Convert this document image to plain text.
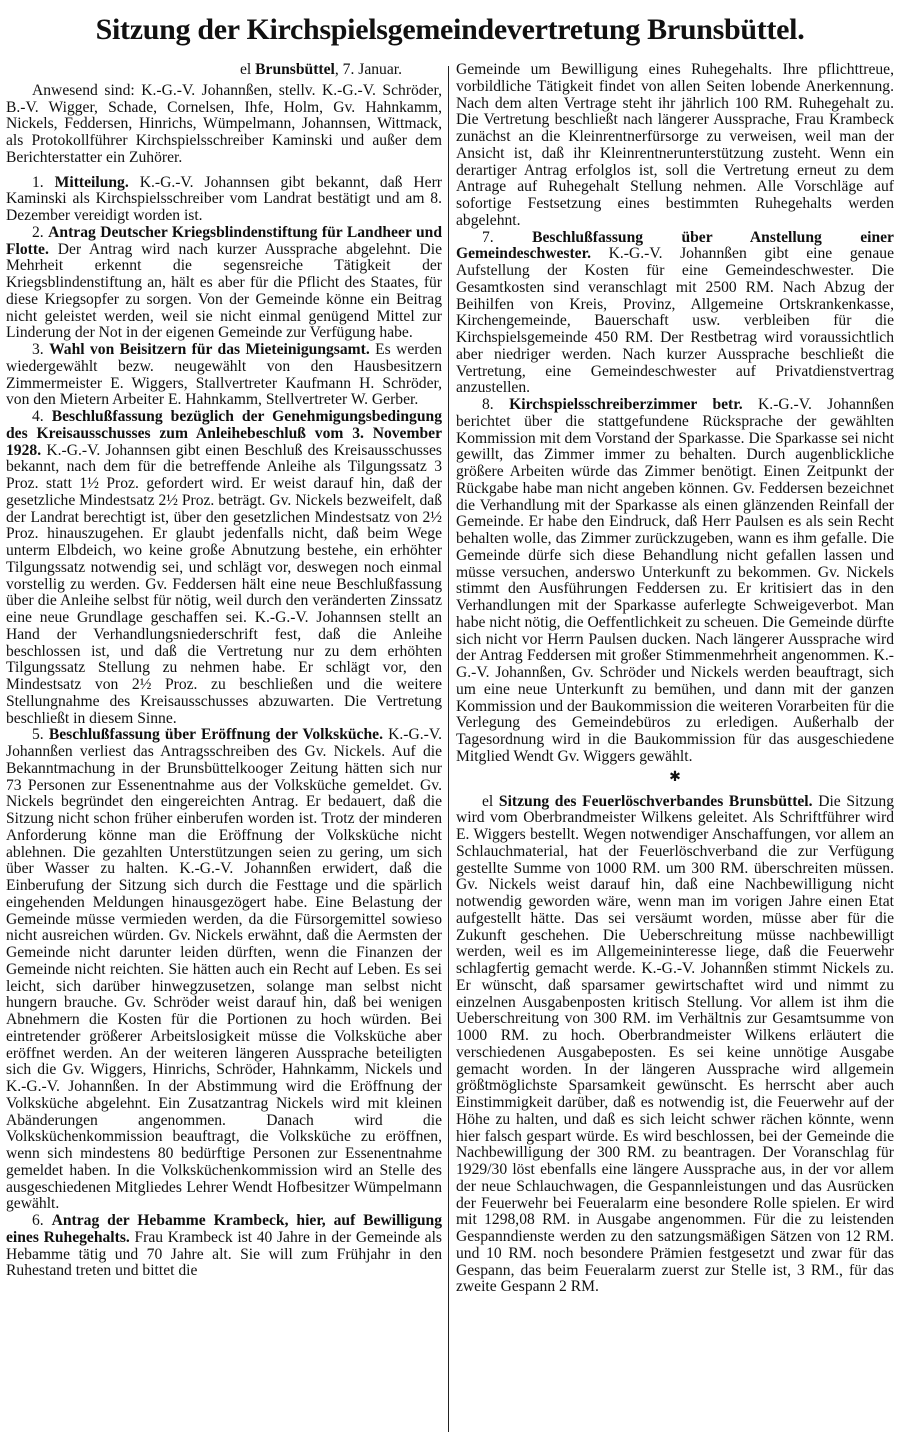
Sitzung der Kirchspielsgemeindevertretung Brunsbüttel.

el Brunsbüttel, 7. Januar.

Anwesend sind: K.-G.-V. Johannßen, stellv. K.-G.-V. Schröder, B.-V. Wigger, Schade, Cornelsen, Ihfe, Holm, Gv. Hahnkamm, Nickels, Feddersen, Hinrichs, Wümpelmann, Johannsen, Wittmack, als Protokollführer Kirchspielsschreiber Kaminski und außer dem Berichterstatter ein Zuhörer.

1. Mitteilung. K.-G.-V. Johannsen gibt bekannt, daß Herr Kaminski als Kirchspielsschreiber vom Landrat bestätigt und am 8. Dezember vereidigt worden ist.

2. Antrag Deutscher Kriegsblindenstiftung für Landheer und Flotte. Der Antrag wird nach kurzer Aussprache abgelehnt. Die Mehrheit erkennt die segensreiche Tätigkeit der Kriegsblindenstiftung an, hält es aber für die Pflicht des Staates, für diese Kriegsopfer zu sorgen. Von der Gemeinde könne ein Beitrag nicht geleistet werden, weil sie nicht einmal genügend Mittel zur Linderung der Not in der eigenen Gemeinde zur Verfügung habe.

3. Wahl von Beisitzern für das Mieteinigungsamt. Es werden wiedergewählt bezw. neugewählt von den Hausbesitzern Zimmermeister E. Wiggers, Stallvertreter Kaufmann H. Schröder, von den Mietern Arbeiter E. Hahnkamm, Stellvertreter W. Gerber.

4. Beschlußfassung bezüglich der Genehmigungsbedingung des Kreisausschusses zum Anleihebeschluß vom 3. November 1928. K.-G.-V. Johannsen gibt einen Beschluß des Kreisausschusses bekannt, nach dem für die betreffende Anleihe als Tilgungssatz 3 Proz. statt 1½ Proz. gefordert wird. Er weist darauf hin, daß der gesetzliche Mindestsatz 2½ Proz. beträgt. Gv. Nickels bezweifelt, daß der Landrat berechtigt ist, über den gesetzlichen Mindestsatz von 2½ Proz. hinauszugehen. Er glaubt jedenfalls nicht, daß beim Wege unterm Elbdeich, wo keine große Abnutzung bestehe, ein erhöhter Tilgungssatz notwendig sei, und schlägt vor, deswegen noch einmal vorstellig zu werden. Gv. Feddersen hält eine neue Beschlußfassung über die Anleihe selbst für nötig, weil durch den veränderten Zinssatz eine neue Grundlage geschaffen sei. K.-G.-V. Johannsen stellt an Hand der Verhandlungsniederschrift fest, daß die Anleihe beschlossen ist, und daß die Vertretung nur zu dem erhöhten Tilgungssatz Stellung zu nehmen habe. Er schlägt vor, den Mindestsatz von 2½ Proz. zu beschließen und die weitere Stellungnahme des Kreisausschusses abzuwarten. Die Vertretung beschließt in diesem Sinne.

5. Beschlußfassung über Eröffnung der Volksküche. K.-G.-V. Johannßen verliest das Antragsschreiben des Gv. Nickels. Auf die Bekanntmachung in der Brunsbüttelkooger Zeitung hätten sich nur 73 Personen zur Essenentnahme aus der Volksküche gemeldet. Gv. Nickels begründet den eingereichten Antrag. Er bedauert, daß die Sitzung nicht schon früher einberufen worden ist. Trotz der minderen Anforderung könne man die Eröffnung der Volksküche nicht ablehnen. Die gezahlten Unterstützungen seien zu gering, um sich über Wasser zu halten. K.-G.-V. Johannßen erwidert, daß die Einberufung der Sitzung sich durch die Festtage und die spärlich eingehenden Meldungen hinausgezögert habe. Eine Belastung der Gemeinde müsse vermieden werden, da die Fürsorgemittel sowieso nicht ausreichen würden. Gv. Nickels erwähnt, daß die Aermsten der Gemeinde nicht darunter leiden dürften, wenn die Finanzen der Gemeinde nicht reichten. Sie hätten auch ein Recht auf Leben. Es sei leicht, sich darüber hinwegzusetzen, solange man selbst nicht hungern brauche. Gv. Schröder weist darauf hin, daß bei wenigen Abnehmern die Kosten für die Portionen zu hoch würden. Bei eintretender größerer Arbeitslosigkeit müsse die Volksküche aber eröffnet werden. An der weiteren längeren Aussprache beteiligten sich die Gv. Wiggers, Hinrichs, Schröder, Hahnkamm, Nickels und K.-G.-V. Johannßen. In der Abstimmung wird die Eröffnung der Volksküche abgelehnt. Ein Zusatzantrag Nickels wird mit kleinen Abänderungen angenommen. Danach wird die Volksküchenkommission beauftragt, die Volksküche zu eröffnen, wenn sich mindestens 80 bedürftige Personen zur Essenentnahme gemeldet haben. In die Volksküchenkommission wird an Stelle des ausgeschiedenen Mitgliedes Lehrer Wendt Hofbesitzer Wümpelmann gewählt.

6. Antrag der Hebamme Krambeck, hier, auf Bewilligung eines Ruhegehalts. Frau Krambeck ist 40 Jahre in der Gemeinde als Hebamme tätig und 70 Jahre alt. Sie will zum Frühjahr in den Ruhestand treten und bittet die

Gemeinde um Bewilligung eines Ruhegehalts. Ihre pflichttreue, vorbildliche Tätigkeit findet von allen Seiten lobende Anerkennung. Nach dem alten Vertrage steht ihr jährlich 100 RM. Ruhegehalt zu. Die Vertretung beschließt nach längerer Aussprache, Frau Krambeck zunächst an die Kleinrentnerfürsorge zu verweisen, weil man der Ansicht ist, daß ihr Kleinrentnerunterstützung zusteht. Wenn ein derartiger Antrag erfolglos ist, soll die Vertretung erneut zu dem Antrage auf Ruhegehalt Stellung nehmen. Alle Vorschläge auf sofortige Festsetzung eines bestimmten Ruhegehalts werden abgelehnt.

7. Beschlußfassung über Anstellung einer Gemeindeschwester. K.-G.-V. Johannßen gibt eine genaue Aufstellung der Kosten für eine Gemeindeschwester. Die Gesamtkosten sind veranschlagt mit 2500 RM. Nach Abzug der Beihilfen von Kreis, Provinz, Allgemeine Ortskrankenkasse, Kirchengemeinde, Bauerschaft usw. verbleiben für die Kirchspielsgemeinde 450 RM. Der Restbetrag wird voraussichtlich aber niedriger werden. Nach kurzer Aussprache beschließt die Vertretung, eine Gemeindeschwester auf Privatdienstvertrag anzustellen.

8. Kirchspielsschreiberzimmer betr. K.-G.-V. Johannßen berichtet über die stattgefundene Rücksprache der gewählten Kommission mit dem Vorstand der Sparkasse. Die Sparkasse sei nicht gewillt, das Zimmer immer zu behalten. Durch augenblickliche größere Arbeiten würde das Zimmer benötigt. Einen Zeitpunkt der Rückgabe habe man nicht angeben können. Gv. Feddersen bezeichnet die Verhandlung mit der Sparkasse als einen glänzenden Reinfall der Gemeinde. Er habe den Eindruck, daß Herr Paulsen es als sein Recht behalten wolle, das Zimmer zurückzugeben, wann es ihm gefalle. Die Gemeinde dürfe sich diese Behandlung nicht gefallen lassen und müsse versuchen, anderswo Unterkunft zu bekommen. Gv. Nickels stimmt den Ausführungen Feddersen zu. Er kritisiert das in den Verhandlungen mit der Sparkasse auferlegte Schweigeverbot. Man habe nicht nötig, die Oeffentlichkeit zu scheuen. Die Gemeinde dürfte sich nicht vor Herrn Paulsen ducken. Nach längerer Aussprache wird der Antrag Feddersen mit großer Stimmenmehrheit angenommen. K.-G.-V. Johannßen, Gv. Schröder und Nickels werden beauftragt, sich um eine neue Unterkunft zu bemühen, und dann mit der ganzen Kommission und der Baukommission die weiteren Vorarbeiten für die Verlegung des Gemeindebüros zu erledigen. Außerhalb der Tagesordnung wird in die Baukommission für das ausgeschiedene Mitglied Wendt Gv. Wiggers gewählt.

✱

el Sitzung des Feuerlöschverbandes Brunsbüttel. Die Sitzung wird vom Oberbrandmeister Wilkens geleitet. Als Schriftführer wird E. Wiggers bestellt. Wegen notwendiger Anschaffungen, vor allem an Schlauchmaterial, hat der Feuerlöschverband die zur Verfügung gestellte Summe von 1000 RM. um 300 RM. überschreiten müssen. Gv. Nickels weist darauf hin, daß eine Nachbewilligung nicht notwendig geworden wäre, wenn man im vorigen Jahre einen Etat aufgestellt hätte. Das sei versäumt worden, müsse aber für die Zukunft geschehen. Die Ueberschreitung müsse nachbewilligt werden, weil es im Allgemeininteresse liege, daß die Feuerwehr schlagfertig gemacht werde. K.-G.-V. Johannßen stimmt Nickels zu. Er wünscht, daß sparsamer gewirtschaftet wird und nimmt zu einzelnen Ausgabenposten kritisch Stellung. Vor allem ist ihm die Ueberschreitung von 300 RM. im Verhältnis zur Gesamtsumme von 1000 RM. zu hoch. Oberbrandmeister Wilkens erläutert die verschiedenen Ausgabeposten. Es sei keine unnötige Ausgabe gemacht worden. In der längeren Aussprache wird allgemein größtmöglichste Sparsamkeit gewünscht. Es herrscht aber auch Einstimmigkeit darüber, daß es notwendig ist, die Feuerwehr auf der Höhe zu halten, und daß es sich leicht schwer rächen könnte, wenn hier falsch gespart würde. Es wird beschlossen, bei der Gemeinde die Nachbewilligung der 300 RM. zu beantragen. Der Voranschlag für 1929/30 löst ebenfalls eine längere Aussprache aus, in der vor allem der neue Schlauchwagen, die Gespannleistungen und das Ausrücken der Feuerwehr bei Feueralarm eine besondere Rolle spielen. Er wird mit 1298,08 RM. in Ausgabe angenommen. Für die zu leistenden Gespanndienste werden zu den satzungsmäßigen Sätzen von 12 RM. und 10 RM. noch besondere Prämien festgesetzt und zwar für das Gespann, das beim Feueralarm zuerst zur Stelle ist, 3 RM., für das zweite Gespann 2 RM.
